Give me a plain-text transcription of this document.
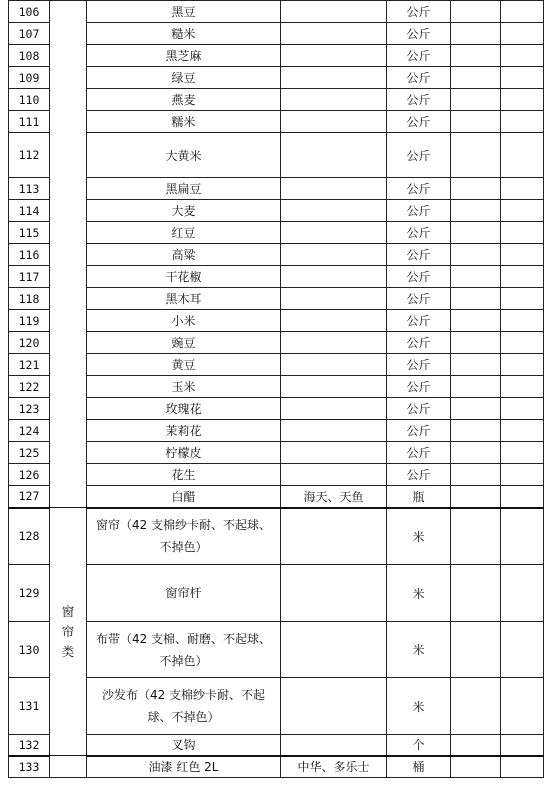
106		黑豆		公斤		
107		糙米		公斤		
108		黑芝麻		公斤		
109		绿豆		公斤		
110		燕麦		公斤		
111		糯米		公斤		
112		大黄米		公斤		
113		黑扁豆		公斤		
114		大麦		公斤		
115		红豆		公斤		
116		高粱		公斤		
117		干花椒		公斤		
118		黑木耳		公斤		
119		小米		公斤		
120		豌豆		公斤		
121		黄豆		公斤		
122		玉米		公斤		
123		玫瑰花		公斤		
124		茉莉花		公斤		
125		柠檬皮		公斤		
126		花生		公斤		
127		白醋	海天、天鱼	瓶		
128	窗帘类	窗帘（42 支棉纱卡耐、不起球、不掉色）		米		
129		窗帘杆		米		
130		布带（42 支棉、耐磨、不起球、不掉色）		米		
131		沙发布（42 支棉纱卡耐、不起球、不掉色）		米		
132		叉钩		个		
133		油漆 红色 2L	中华、多乐士	桶		
